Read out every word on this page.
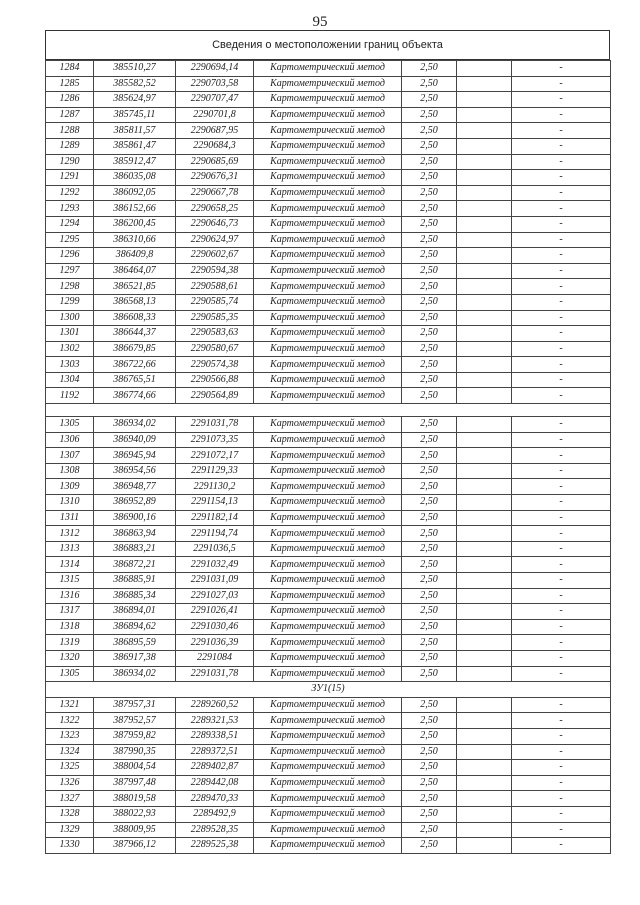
95
Сведения о местоположении границ объекта
1284	385510,27	2290694,14	Картометрический метод	2,50		-
1285	385582,52	2290703,58	Картометрический метод	2,50		-
1286	385624,97	2290707,47	Картометрический метод	2,50		-
1287	385745,11	2290701,8	Картометрический метод	2,50		-
1288	385811,57	2290687,95	Картометрический метод	2,50		-
1289	385861,47	2290684,3	Картометрический метод	2,50		-
1290	385912,47	2290685,69	Картометрический метод	2,50		-
1291	386035,08	2290676,31	Картометрический метод	2,50		-
1292	386092,05	2290667,78	Картометрический метод	2,50		-
1293	386152,66	2290658,25	Картометрический метод	2,50		-
1294	386200,45	2290646,73	Картометрический метод	2,50		-
1295	386310,66	2290624,97	Картометрический метод	2,50		-
1296	386409,8	2290602,67	Картометрический метод	2,50		-
1297	386464,07	2290594,38	Картометрический метод	2,50		-
1298	386521,85	2290588,61	Картометрический метод	2,50		-
1299	386568,13	2290585,74	Картометрический метод	2,50		-
1300	386608,33	2290585,35	Картометрический метод	2,50		-
1301	386644,37	2290583,63	Картометрический метод	2,50		-
1302	386679,85	2290580,67	Картометрический метод	2,50		-
1303	386722,66	2290574,38	Картометрический метод	2,50		-
1304	386765,51	2290566,88	Картометрический метод	2,50		-
1192	386774,66	2290564,89	Картометрический метод	2,50		-

1305	386934,02	2291031,78	Картометрический метод	2,50		-
1306	386940,09	2291073,35	Картометрический метод	2,50		-
1307	386945,94	2291072,17	Картометрический метод	2,50		-
1308	386954,56	2291129,33	Картометрический метод	2,50		-
1309	386948,77	2291130,2	Картометрический метод	2,50		-
1310	386952,89	2291154,13	Картометрический метод	2,50		-
1311	386900,16	2291182,14	Картометрический метод	2,50		-
1312	386863,94	2291194,74	Картометрический метод	2,50		-
1313	386883,21	2291036,5	Картометрический метод	2,50		-
1314	386872,21	2291032,49	Картометрический метод	2,50		-
1315	386885,91	2291031,09	Картометрический метод	2,50		-
1316	386885,34	2291027,03	Картометрический метод	2,50		-
1317	386894,01	2291026,41	Картометрический метод	2,50		-
1318	386894,62	2291030,46	Картометрический метод	2,50		-
1319	386895,59	2291036,39	Картометрический метод	2,50		-
1320	386917,38	2291084	Картометрический метод	2,50		-
1305	386934,02	2291031,78	Картометрический метод	2,50		-
ЗУ1(15)						
1321	387957,31	2289260,52	Картометрический метод	2,50		-
1322	387952,57	2289321,53	Картометрический метод	2,50		-
1323	387959,82	2289338,51	Картометрический метод	2,50		-
1324	387990,35	2289372,51	Картометрический метод	2,50		-
1325	388004,54	2289402,87	Картометрический метод	2,50		-
1326	387997,48	2289442,08	Картометрический метод	2,50		-
1327	388019,58	2289470,33	Картометрический метод	2,50		-
1328	388022,93	2289492,9	Картометрический метод	2,50		-
1329	388009,95	2289528,35	Картометрический метод	2,50		-
1330	387966,12	2289525,38	Картометрический метод	2,50		-
